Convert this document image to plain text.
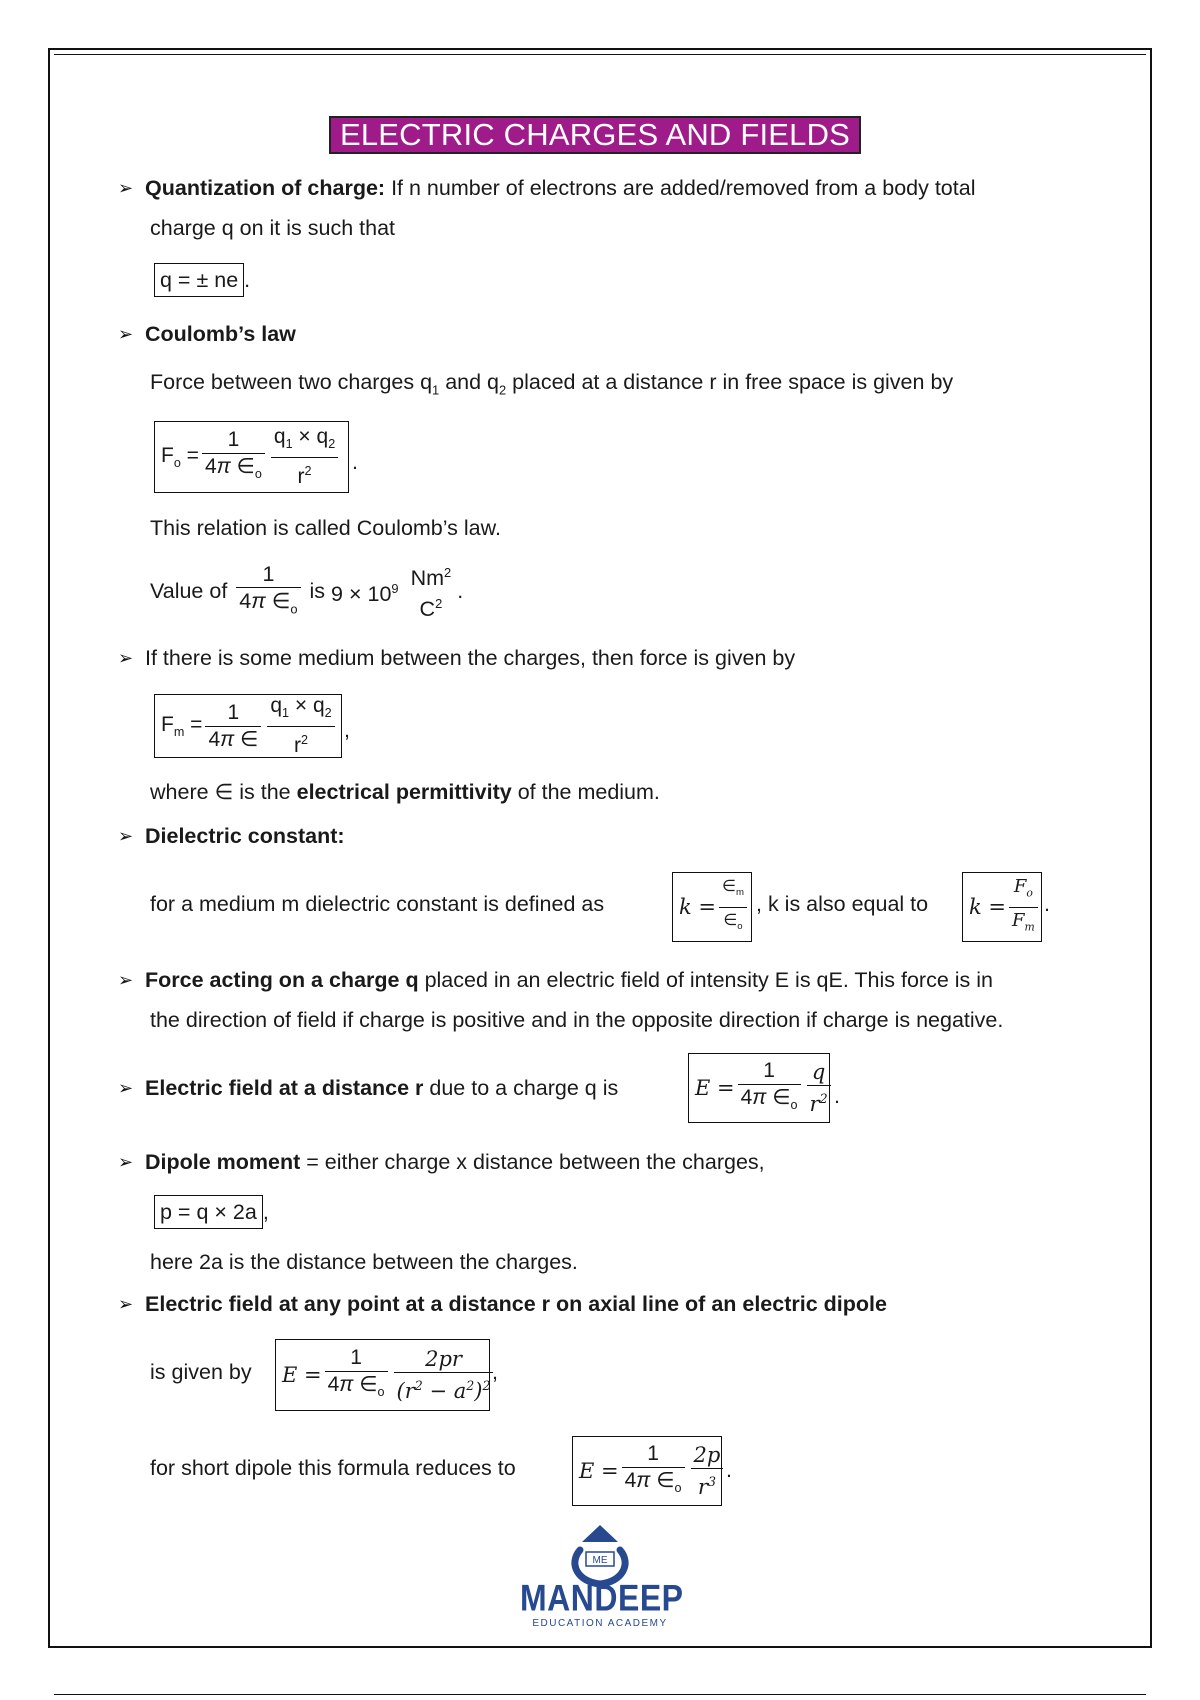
ELECTRIC CHARGES AND FIELDS
➢ Quantization of charge: If n number of electrons are added/removed from a body total
charge q on it is such that
q = ± ne .
➢ Coulomb’s law
Force between two charges $q_1$ and $q_2$ placed at a distance r in free space is given by
$F_o = \frac{1}{4\pi \in_o} \frac{q_1 \times q_2}{r^2}$ .
This relation is called Coulomb’s law.
Value of $\frac{1}{4\pi \in_o}$ is $9 \times 10^9$ Nm$^2$
$C^2$
.
➢ If there is some medium between the charges, then force is given by
$F_m = \frac{1}{4\pi \in} \frac{q_1 \times q_2}{r^2}$ ,
where ∈ is the electrical permittivity of the medium.
➢ Dielectric constant:
for a medium m dielectric constant is defined as	$k = \frac{\in_m}{\in_o}$ , k is also equal to $k = \frac{F_o}{F_m}$ .
➢ Force acting on a charge q placed in an electric field of intensity E is qE. This force is in
the direction of field if charge is positive and in the opposite direction if charge is negative.
➢ Electric field at a distance r due to a charge q is	$E = \frac{1}{4\pi \in_o} \frac{q}{r^2}$ .
➢ Dipole moment = either charge x distance between the charges,
p = q × 2a ,
here 2a is the distance between the charges.
➢ Electric field at any point at a distance r on axial line of an electric dipole
is given by $E = \frac{1}{4\pi \in_o} \frac{2pr}{(r^2 - a^2)^2}$
,
for short dipole this formula reduces to	$E = \frac{1}{4\pi \in_o} \frac{2p}{r^3}$ .
ME
MANDEEP
EDUCATION ACADEMY
